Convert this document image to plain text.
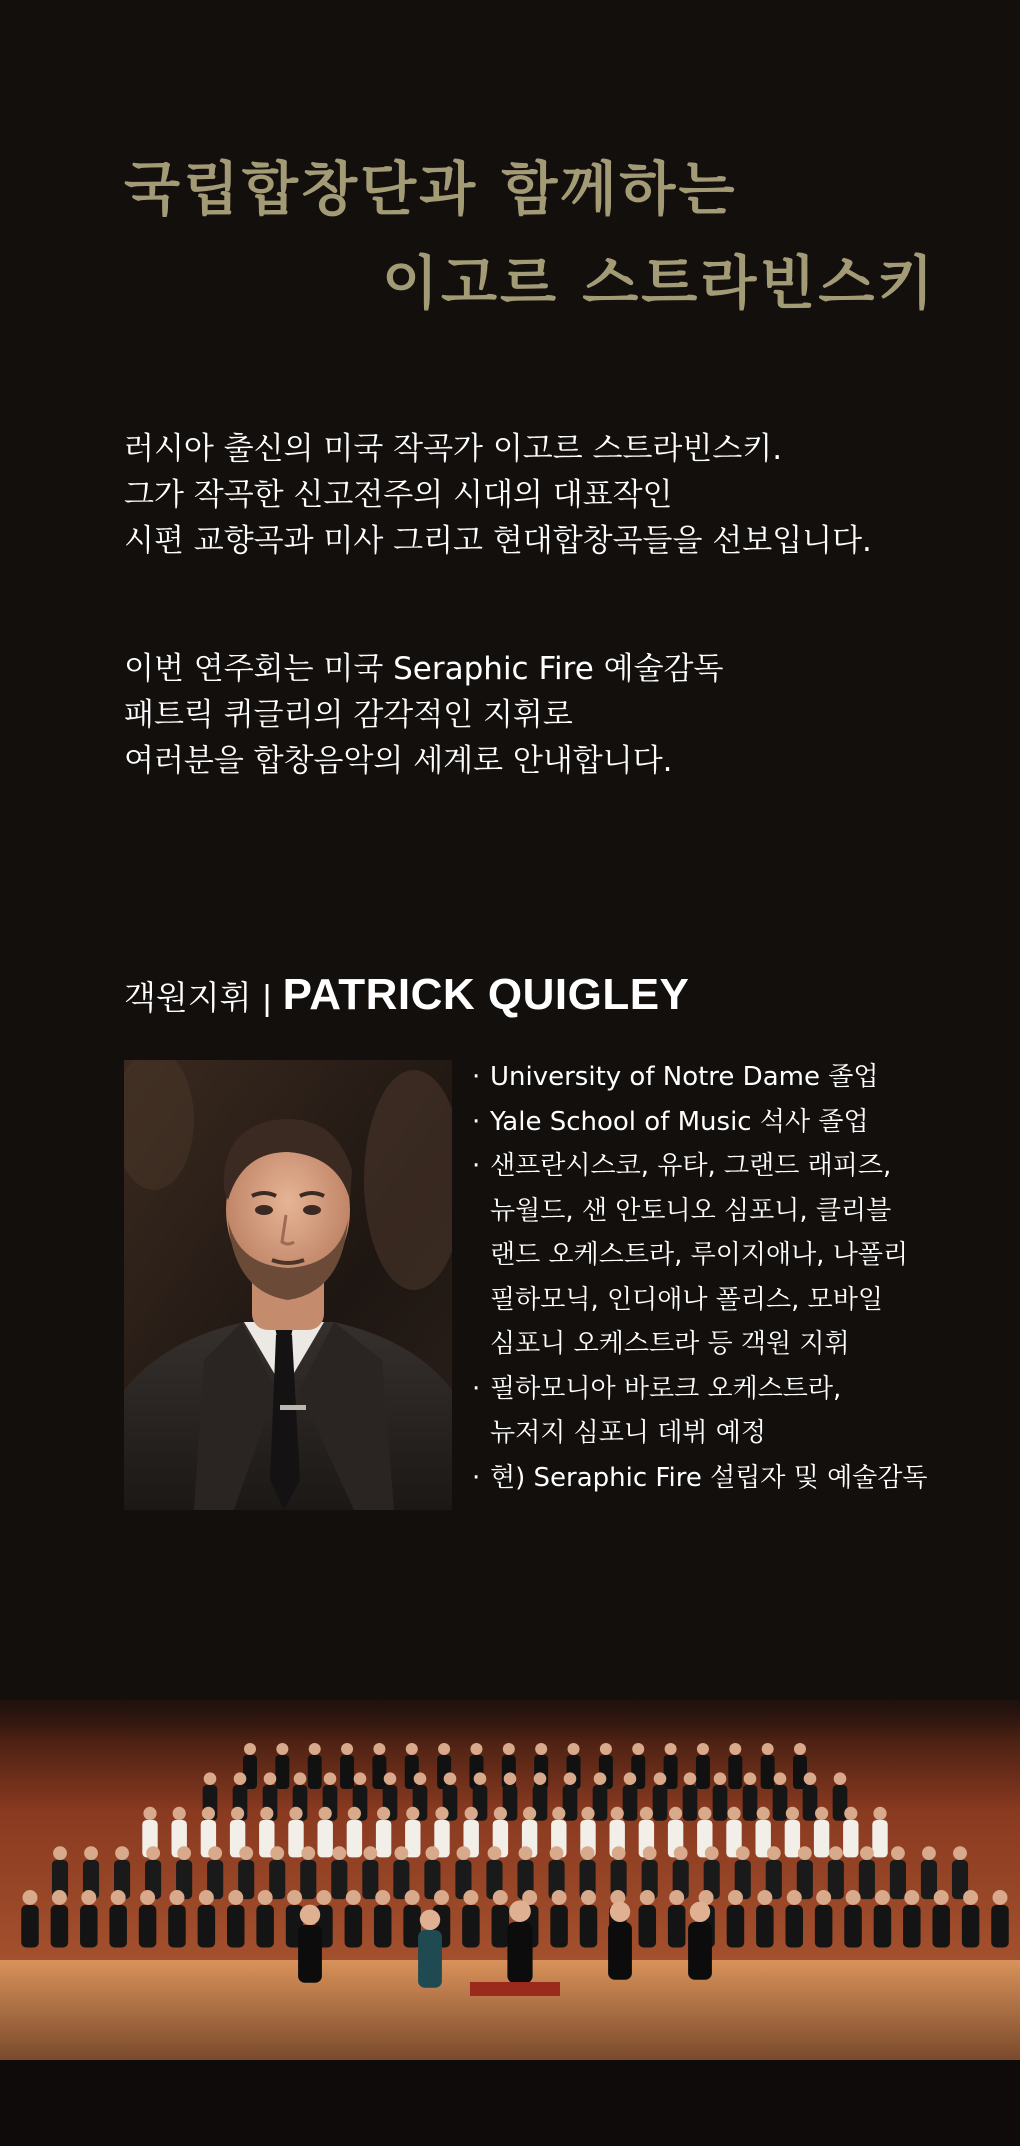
국립합창단과 함께하는
이고르 스트라빈스키
러시아 출신의 미국 작곡가 이고르 스트라빈스키.
그가 작곡한 신고전주의 시대의 대표작인
시편 교향곡과 미사 그리고 현대합창곡들을 선보입니다.
이번 연주회는 미국 Seraphic Fire 예술감독
패트릭 퀴글리의 감각적인 지휘로
여러분을 합창음악의 세계로 안내합니다.
객원지휘 | PATRICK QUIGLEY
· University of Notre Dame 졸업
· Yale School of Music 석사 졸업
· 샌프란시스코, 유타, 그랜드 래피즈,
뉴월드, 샌 안토니오 심포니, 클리블
랜드 오케스트라, 루이지애나, 나폴리
필하모닉, 인디애나 폴리스, 모바일
심포니 오케스트라 등 객원 지휘
· 필하모니아 바로크 오케스트라,
뉴저지 심포니 데뷔 예정
· 현) Seraphic Fire 설립자 및 예술감독
